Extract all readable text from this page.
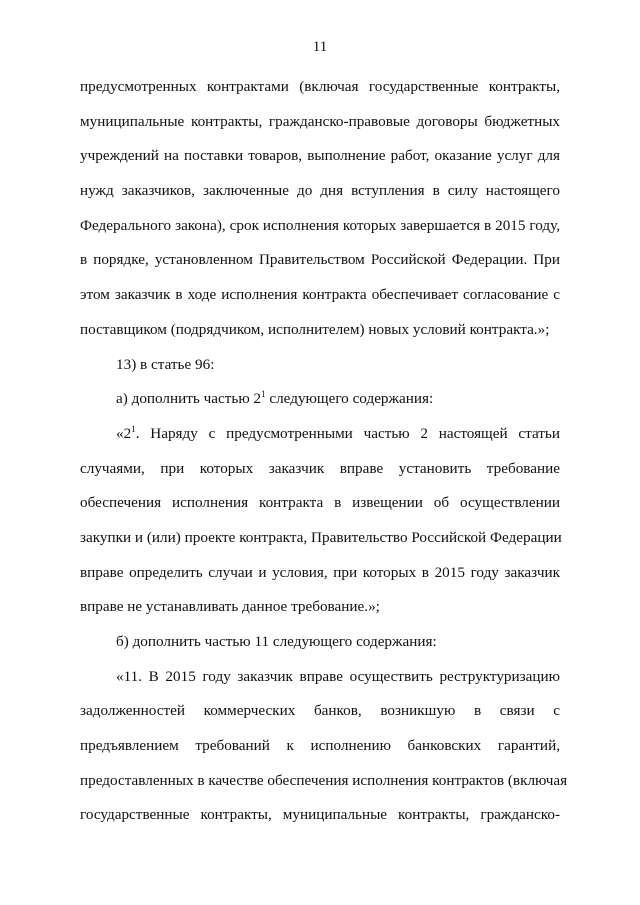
11
предусмотренных контрактами (включая государственные контракты,
муниципальные контракты, гражданско-правовые договоры бюджетных
учреждений на поставки товаров, выполнение работ, оказание услуг для
нужд заказчиков, заключенные до дня вступления в силу настоящего
Федерального закона), срок исполнения которых завершается в 2015 году,
в порядке, установленном Правительством Российской Федерации. При
этом заказчик в ходе исполнения контракта обеспечивает согласование с
поставщиком (подрядчиком, исполнителем) новых условий контракта.»;
13) в статье 96:
а) дополнить частью $2^1$ следующего содержания:
«$2^1$. Наряду с предусмотренными частью 2 настоящей статьи
случаями, при которых заказчик вправе установить требование
обеспечения исполнения контракта в извещении об осуществлении
закупки и (или) проекте контракта, Правительство Российской Федерации
вправе определить случаи и условия, при которых в 2015 году заказчик
вправе не устанавливать данное требование.»;
б) дополнить частью 11 следующего содержания:
«11. В 2015 году заказчик вправе осуществить реструктуризацию
задолженностей коммерческих банков, возникшую в связи с
предъявлением требований к исполнению банковских гарантий,
предоставленных в качестве обеспечения исполнения контрактов (включая
государственные контракты, муниципальные контракты, гражданско-
